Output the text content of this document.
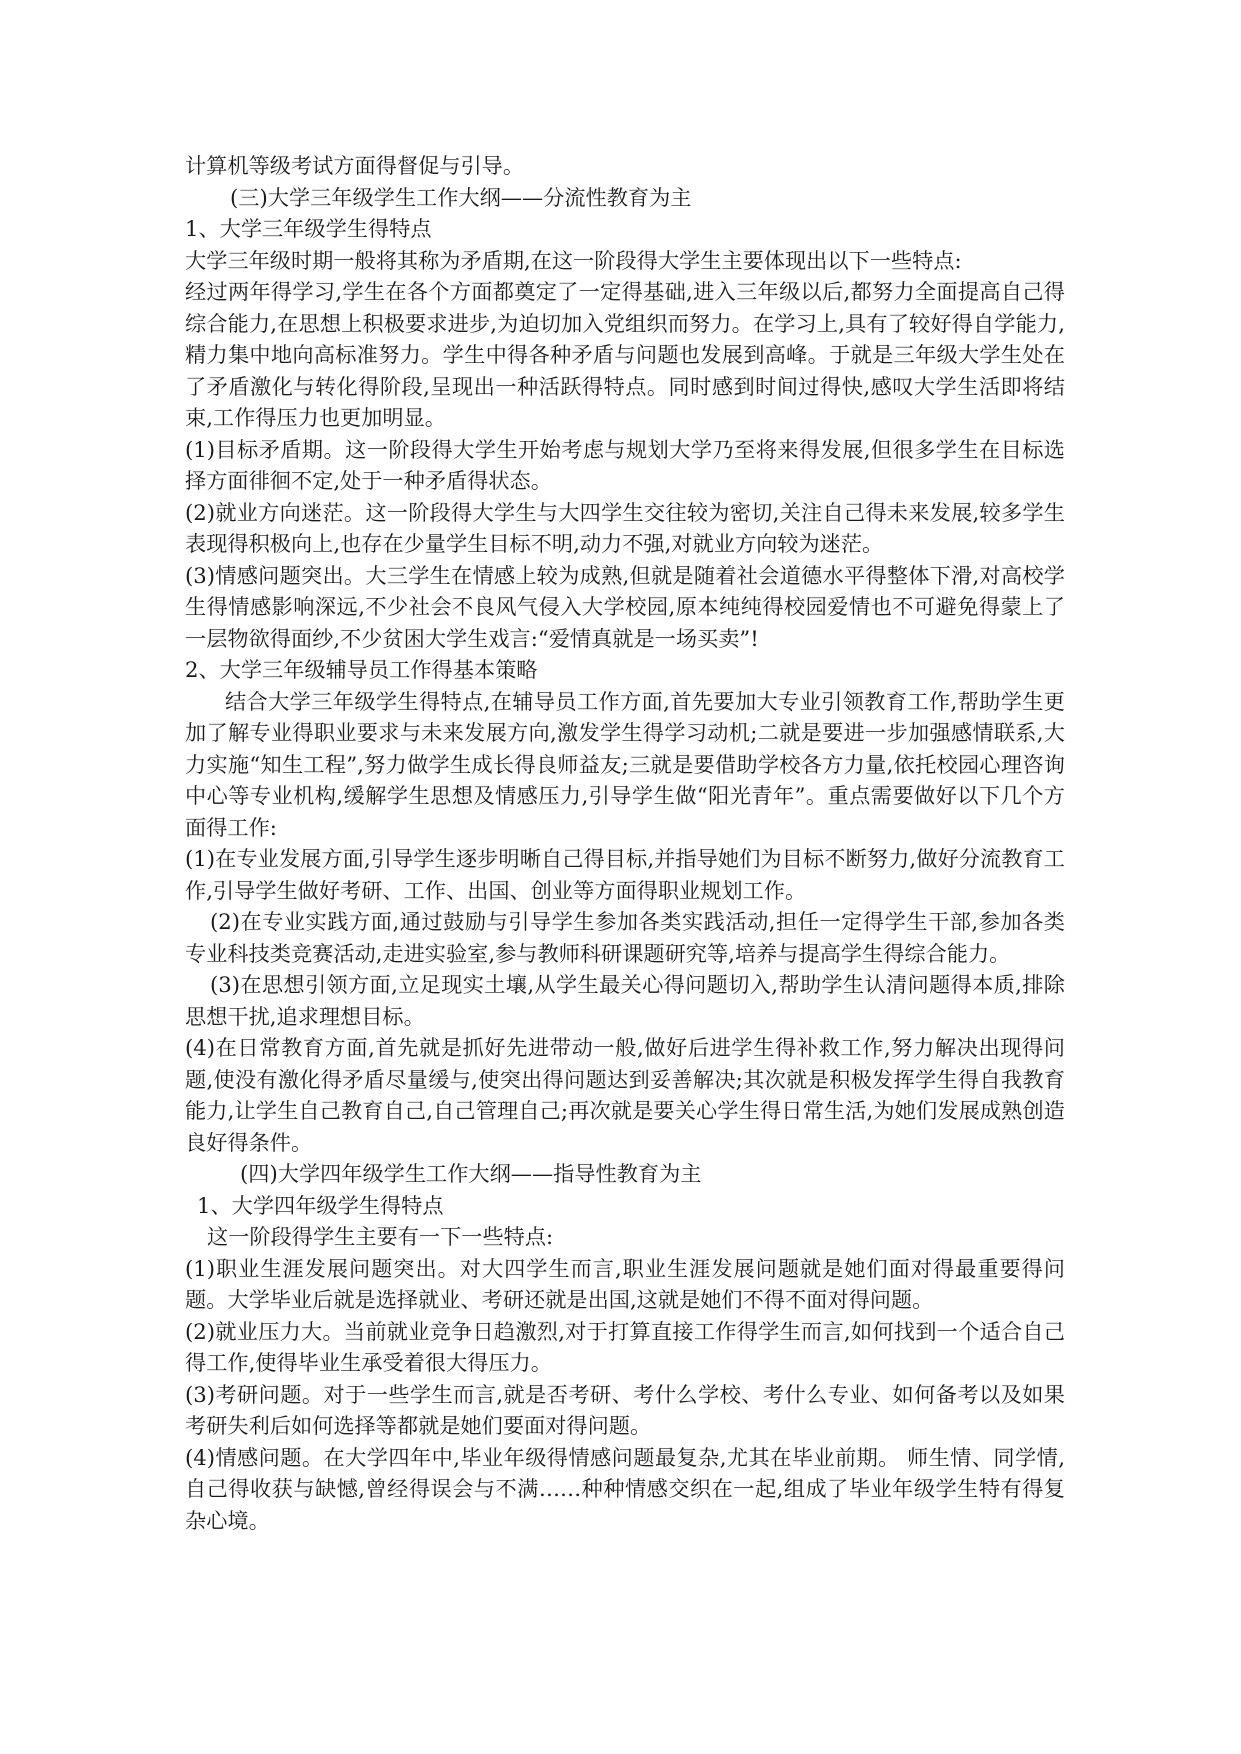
计算机等级考试方面得督促与引导。

(三)大学三年级学生工作大纲——分流性教育为主

1、大学三年级学生得特点

大学三年级时期一般将其称为矛盾期,在这一阶段得大学生主要体现出以下一些特点:

经过两年得学习,学生在各个方面都奠定了一定得基础,进入三年级以后,都努力全面提高自己得综合能力,在思想上积极要求进步,为迫切加入党组织而努力。在学习上,具有了较好得自学能力,精力集中地向高标准努力。学生中得各种矛盾与问题也发展到高峰。于就是三年级大学生处在了矛盾激化与转化得阶段,呈现出一种活跃得特点。同时感到时间过得快,感叹大学生活即将结束,工作得压力也更加明显。

(1)目标矛盾期。这一阶段得大学生开始考虑与规划大学乃至将来得发展,但很多学生在目标选择方面徘徊不定,处于一种矛盾得状态。

(2)就业方向迷茫。这一阶段得大学生与大四学生交往较为密切,关注自己得未来发展,较多学生表现得积极向上,也存在少量学生目标不明,动力不强,对就业方向较为迷茫。

(3)情感问题突出。大三学生在情感上较为成熟,但就是随着社会道德水平得整体下滑,对高校学生得情感影响深远,不少社会不良风气侵入大学校园,原本纯纯得校园爱情也不可避免得蒙上了一层物欲得面纱,不少贫困大学生戏言:“爱情真就是一场买卖”!

2、大学三年级辅导员工作得基本策略

结合大学三年级学生得特点,在辅导员工作方面,首先要加大专业引领教育工作,帮助学生更加了解专业得职业要求与未来发展方向,激发学生得学习动机;二就是要进一步加强感情联系,大力实施“知生工程”,努力做学生成长得良师益友;三就是要借助学校各方力量,依托校园心理咨询中心等专业机构,缓解学生思想及情感压力,引导学生做“阳光青年”。重点需要做好以下几个方面得工作:

(1)在专业发展方面,引导学生逐步明晰自己得目标,并指导她们为目标不断努力,做好分流教育工作,引导学生做好考研、工作、出国、创业等方面得职业规划工作。

(2)在专业实践方面,通过鼓励与引导学生参加各类实践活动,担任一定得学生干部,参加各类专业科技类竞赛活动,走进实验室,参与教师科研课题研究等,培养与提高学生得综合能力。

(3)在思想引领方面,立足现实土壤,从学生最关心得问题切入,帮助学生认清问题得本质,排除思想干扰,追求理想目标。

(4)在日常教育方面,首先就是抓好先进带动一般,做好后进学生得补救工作,努力解决出现得问题,使没有激化得矛盾尽量缓与,使突出得问题达到妥善解决;其次就是积极发挥学生得自我教育能力,让学生自己教育自己,自己管理自己;再次就是要关心学生得日常生活,为她们发展成熟创造良好得条件。

(四)大学四年级学生工作大纲——指导性教育为主

1、大学四年级学生得特点

这一阶段得学生主要有一下一些特点:

(1)职业生涯发展问题突出。对大四学生而言,职业生涯发展问题就是她们面对得最重要得问题。大学毕业后就是选择就业、考研还就是出国,这就是她们不得不面对得问题。

(2)就业压力大。当前就业竞争日趋激烈,对于打算直接工作得学生而言,如何找到一个适合自己得工作,使得毕业生承受着很大得压力。

(3)考研问题。对于一些学生而言,就是否考研、考什么学校、考什么专业、如何备考以及如果考研失利后如何选择等都就是她们要面对得问题。

(4)情感问题。在大学四年中,毕业年级得情感问题最复杂,尤其在毕业前期。 师生情、同学情,自己得收获与缺憾,曾经得误会与不满……种种情感交织在一起,组成了毕业年级学生特有得复杂心境。
